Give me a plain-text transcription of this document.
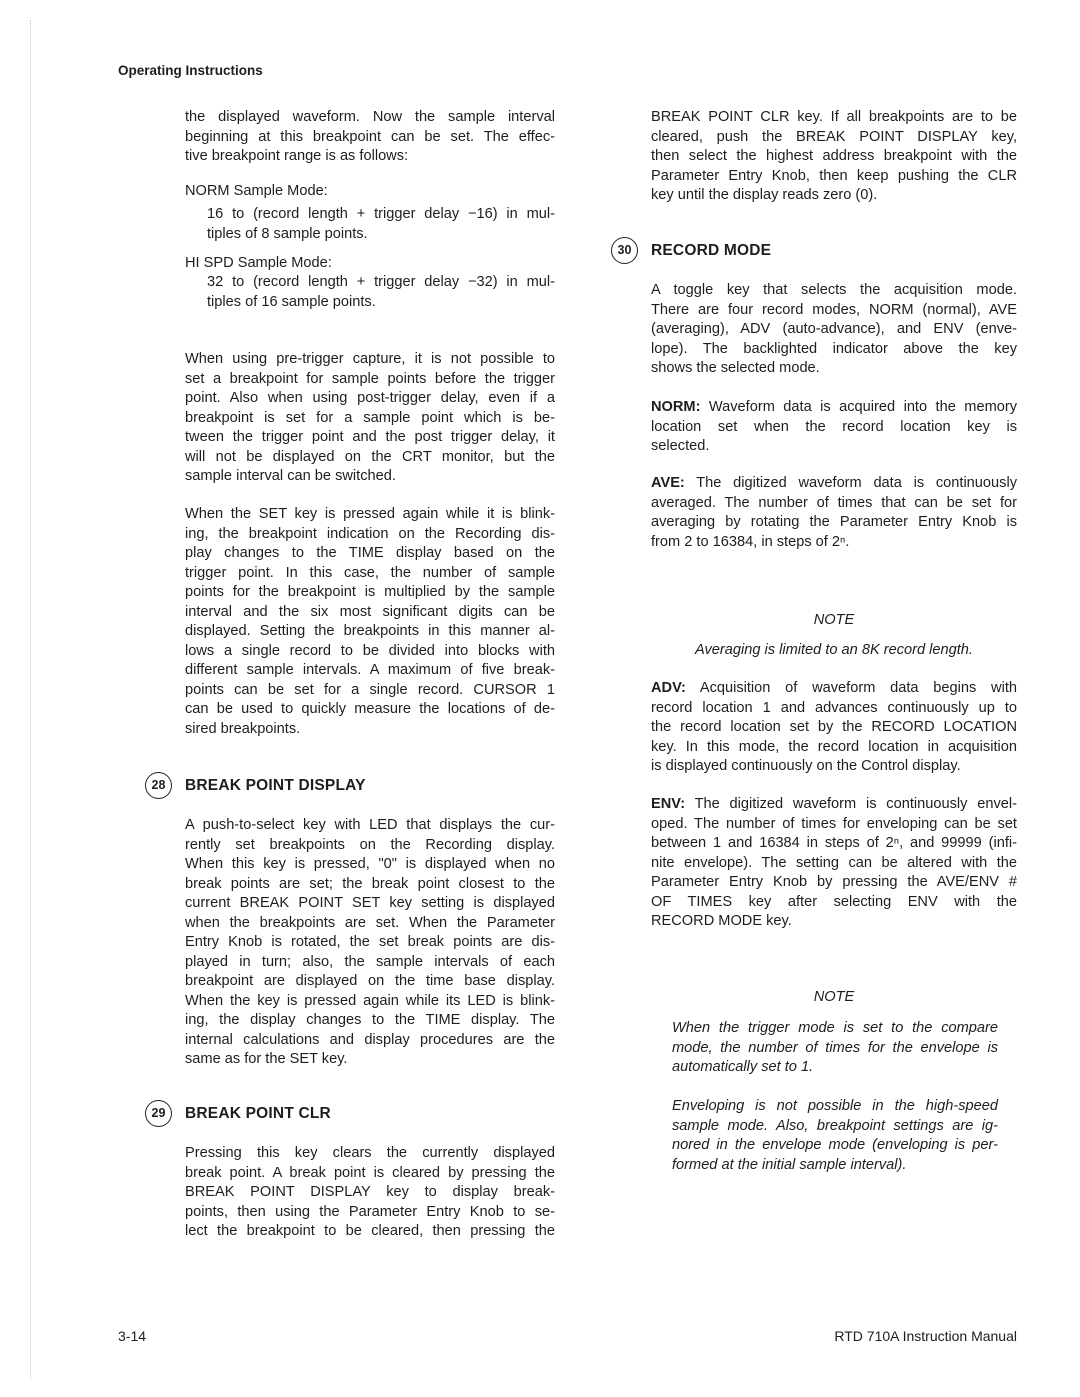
Operating Instructions
the displayed waveform. Now the sample interval
beginning at this breakpoint can be set. The effec-
tive breakpoint range is as follows:
NORM Sample Mode:
16 to (record length + trigger delay −16) in mul-
tiples of 8 sample points.
HI SPD Sample Mode:
32 to (record length + trigger delay −32) in mul-
tiples of 16 sample points.
When using pre-trigger capture, it is not possible to
set a breakpoint for sample points before the trigger
point. Also when using post-trigger delay, even if a
breakpoint is set for a sample point which is be-
tween the trigger point and the post trigger delay, it
will not be displayed on the CRT monitor, but the
sample interval can be switched.
When the SET key is pressed again while it is blink-
ing, the breakpoint indication on the Recording dis-
play changes to the TIME display based on the
trigger point. In this case, the number of sample
points for the breakpoint is multiplied by the sample
interval and the six most significant digits can be
displayed. Setting the breakpoints in this manner al-
lows a single record to be divided into blocks with
different sample intervals. A maximum of five break-
points can be set for a single record. CURSOR 1
can be used to quickly measure the locations of de-
sired breakpoints.
28	BREAK POINT DISPLAY
A push-to-select key with LED that displays the cur-
rently set breakpoints on the Recording display.
When this key is pressed, "0" is displayed when no
break points are set; the break point closest to the
current BREAK POINT SET key setting is displayed
when the breakpoints are set. When the Parameter
Entry Knob is rotated, the set break points are dis-
played in turn; also, the sample intervals of each
breakpoint are displayed on the time base display.
When the key is pressed again while its LED is blink-
ing, the display changes to the TIME display. The
internal calculations and display procedures are the
same as for the SET key.
29	BREAK POINT CLR
Pressing this key clears the currently displayed
break point. A break point is cleared by pressing the
BREAK POINT DISPLAY key to display break-
points, then using the Parameter Entry Knob to se-
lect the breakpoint to be cleared, then pressing the
BREAK POINT CLR key. If all breakpoints are to be
cleared, push the BREAK POINT DISPLAY key,
then select the highest address breakpoint with the
Parameter Entry Knob, then keep pushing the CLR
key until the display reads zero (0).
30	RECORD MODE
A toggle key that selects the acquisition mode.
There are four record modes, NORM (normal), AVE
(averaging), ADV (auto-advance), and ENV (enve-
lope). The backlighted indicator above the key
shows the selected mode.
NORM: Waveform data is acquired into the memory
location set when the record location key is
selected.
AVE: The digitized waveform data is continuously
averaged. The number of times that can be set for
averaging by rotating the Parameter Entry Knob is
from 2 to 16384, in steps of 2ⁿ.
NOTE
Averaging is limited to an 8K record length.
ADV: Acquisition of waveform data begins with
record location 1 and advances continuously up to
the record location set by the RECORD LOCATION
key. In this mode, the record location in acquisition
is displayed continuously on the Control display.
ENV: The digitized waveform is continuously envel-
oped. The number of times for enveloping can be set
between 1 and 16384 in steps of 2ⁿ, and 99999 (infi-
nite envelope). The setting can be altered with the
Parameter Entry Knob by pressing the AVE/ENV #
OF TIMES key after selecting ENV with the
RECORD MODE key.
NOTE
When the trigger mode is set to the compare
mode, the number of times for the envelope is
automatically set to 1.
Enveloping is not possible in the high-speed
sample mode. Also, breakpoint settings are ig-
nored in the envelope mode (enveloping is per-
formed at the initial sample interval).
3-14	RTD 710A Instruction Manual
